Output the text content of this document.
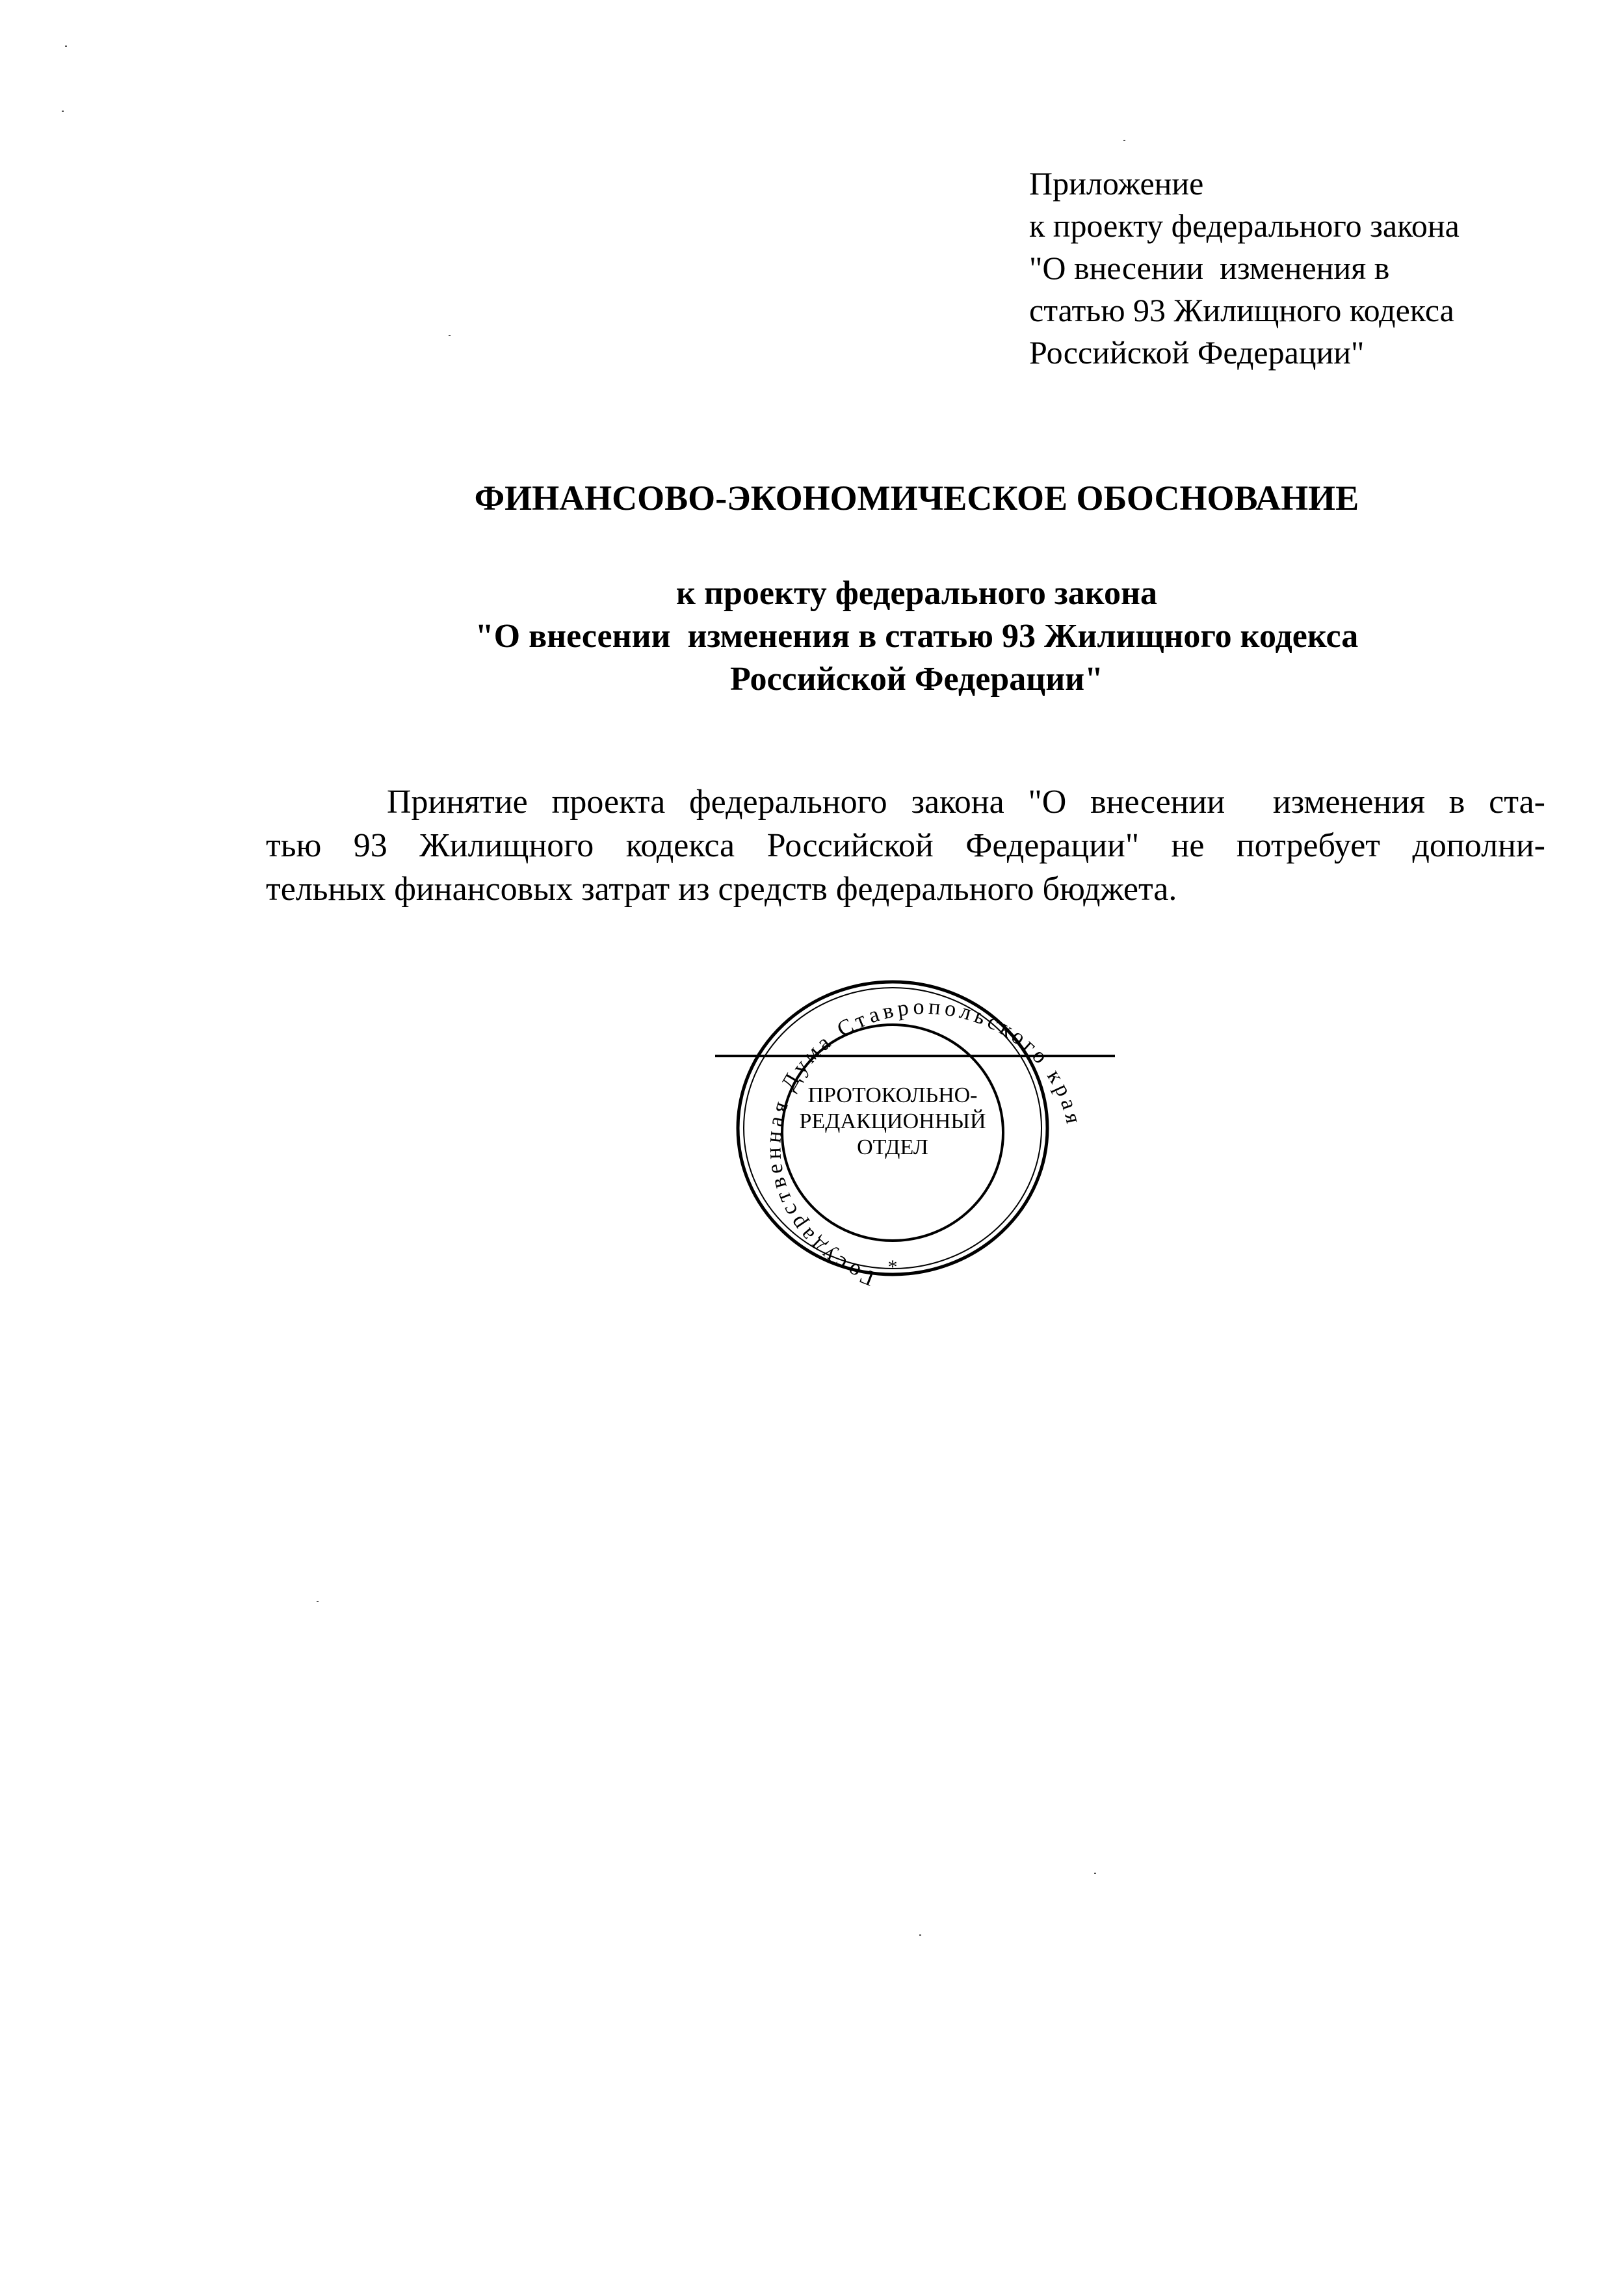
Приложение
к проекту федерального закона
"О внесении  изменения в
статью 93 Жилищного кодекса
Российской Федерации"
ФИНАНСОВО-ЭКОНОМИЧЕСКОЕ ОБОСНОВАНИЕ
к проекту федерального закона
"О внесении  изменения в статью 93 Жилищного кодекса
Российской Федерации"
Принятие проекта федерального закона "О внесении  изменения в ста-
тью 93 Жилищного кодекса Российской Федерации" не потребует дополни-
тельных финансовых затрат из средств федерального бюджета.
Государственная Дума Ставропольского края
ПРОТОКОЛЬНО-
РЕДАКЦИОННЫЙ
ОТДЕЛ
*
